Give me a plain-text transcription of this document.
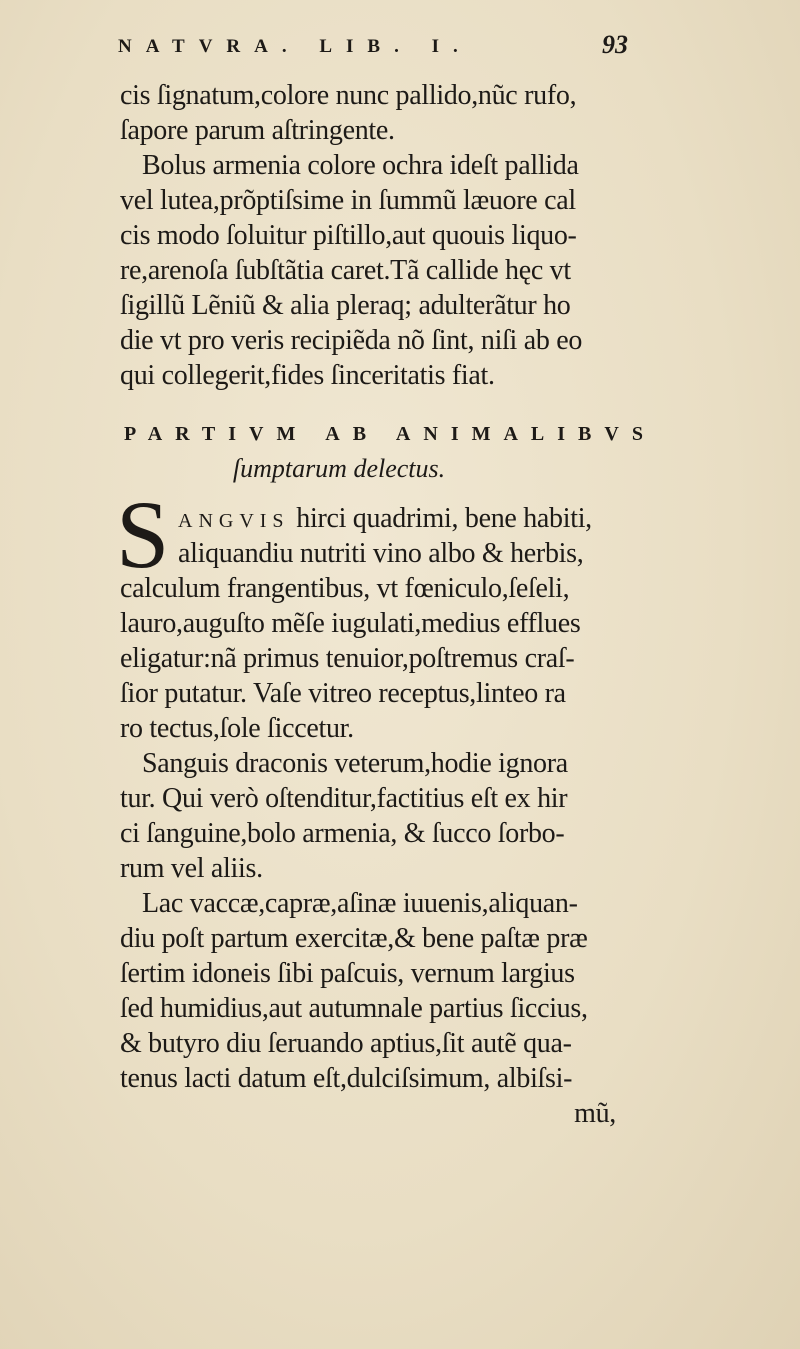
NATVRA. LIB. I.	93
cis ſignatum,colore nunc pallido,nũc rufo,
ſapore parum aſtringente.
Bolus armenia colore ochra ideſt pallida
vel lutea,prõptiſsime in ſummũ læuore cal
cis modo ſoluitur piſtillo,aut quouis liquo-
re,arenoſa ſubſtãtia caret.Tã callide hęc vt
ſigillũ Lẽniũ & alia pleraq; adulterãtur ho
die vt pro veris recipiẽda nõ ſint, niſi ab eo
qui collegerit,fides ſinceritatis fiat.
PARTIVM AB ANIMALIBVS
ſumptarum delectus.
S ANGVIS hirci quadrimi, bene habiti,
aliquandiu nutriti vino albo & herbis,
calculum frangentibus, vt fœniculo,ſeſeli,
lauro,auguſto mẽſe iugulati,medius efflues
eligatur:nã primus tenuior,poſtremus craſ-
ſior putatur. Vaſe vitreo receptus,linteo ra
ro tectus,ſole ſiccetur.
Sanguis draconis veterum,hodie ignora
tur. Qui verò oſtenditur,factitius eſt ex hir
ci ſanguine,bolo armenia, & ſucco ſorbo-
rum vel aliis.
Lac vaccæ,capræ,aſinæ iuuenis,aliquan-
diu poſt partum exercitæ,& bene paſtæ præ
ſertim idoneis ſibi paſcuis, vernum largius
ſed humidius,aut autumnale partius ſiccius,
& butyro diu ſeruando aptius,ſit autẽ qua-
tenus lacti datum eſt,dulciſsimum, albiſsi-
mũ,
